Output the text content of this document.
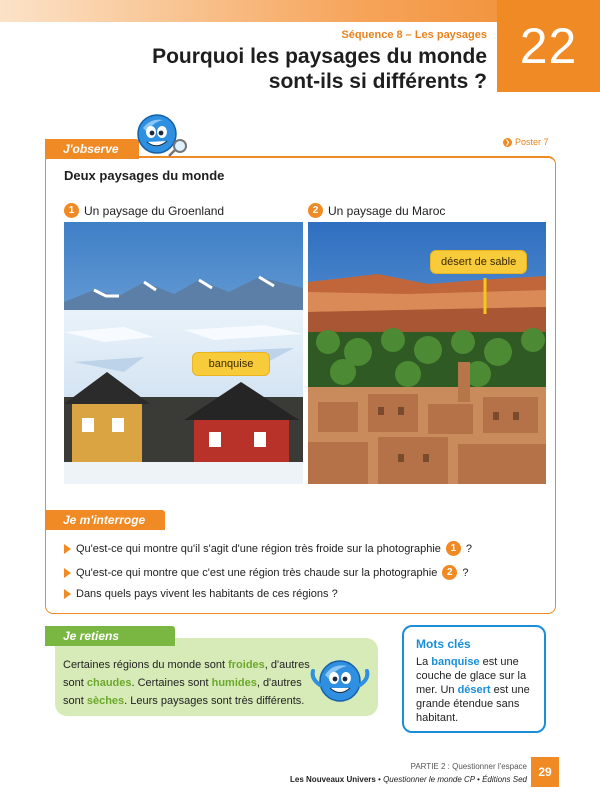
22
Séquence 8 – Les paysages
Pourquoi les paysages du monde sont-ils si différents ?
J'observe	❯ Poster 7
Deux paysages du monde
1 Un paysage du Groenland	2 Un paysage du Maroc
banquise
désert de sable
Je m'interroge
Qu'est-ce qui montre qu'il s'agit d'une région très froide sur la photographie 1 ?
Qu'est-ce qui montre que c'est une région très chaude sur la photographie 2 ?
Dans quels pays vivent les habitants de ces régions ?
Je retiens
Certaines régions du monde sont froides, d'autres sont chaudes. Certaines sont humides, d'autres sont sèches. Leurs paysages sont très différents.
Mots clés
La banquise est une couche de glace sur la mer. Un désert est une grande étendue sans habitant.
PARTIE 2 : Questionner l'espace
Les Nouveaux Univers • Questionner le monde CP • Éditions Sed
29
